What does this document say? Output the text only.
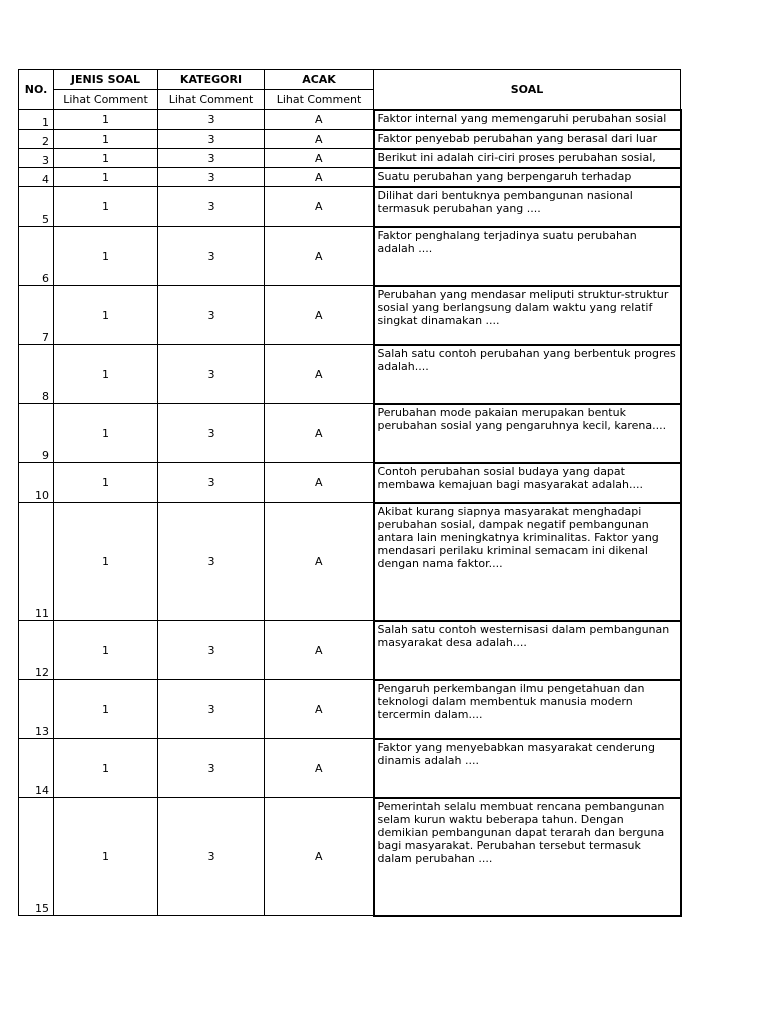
NO.	JENIS SOAL	KATEGORI	ACAK	SOAL
	Lihat Comment	Lihat Comment	Lihat Comment	
1	1	3	A	Faktor internal yang memengaruhi perubahan sosial

2	1	3	A	Faktor penyebab perubahan yang berasal dari luar

3	1	3	A	Berikut ini adalah ciri-ciri proses perubahan sosial,

4	1	3	A	Suatu perubahan yang berpengaruh terhadap

5	1	3	A	Dilihat dari bentuknya pembangunan nasional termasuk perubahan yang ....

6	1	3	A	Faktor penghalang terjadinya suatu perubahan adalah ....

7	1	3	A	Perubahan yang mendasar meliputi struktur-struktur sosial yang berlangsung dalam waktu yang relatif singkat dinamakan ....

8	1	3	A	Salah satu contoh perubahan yang berbentuk progres adalah....

9	1	3	A	Perubahan mode pakaian merupakan bentuk perubahan sosial yang pengaruhnya kecil, karena....

10	1	3	A	Contoh perubahan sosial budaya yang dapat membawa kemajuan bagi masyarakat adalah....

11	1	3	A	Akibat kurang siapnya masyarakat menghadapi perubahan sosial, dampak negatif pembangunan antara lain meningkatnya kriminalitas. Faktor yang mendasari perilaku kriminal semacam ini dikenal dengan nama faktor....

12	1	3	A	Salah satu contoh westernisasi dalam pembangunan masyarakat desa adalah....

13	1	3	A	Pengaruh perkembangan ilmu pengetahuan dan teknologi dalam membentuk manusia modern tercermin dalam....

14	1	3	A	Faktor yang menyebabkan masyarakat cenderung dinamis adalah ....

15	1	3	A	Pemerintah selalu membuat rencana pembangunan selam kurun waktu beberapa tahun. Dengan demikian pembangunan dapat terarah dan berguna bagi masyarakat. Perubahan tersebut termasuk dalam perubahan ....
